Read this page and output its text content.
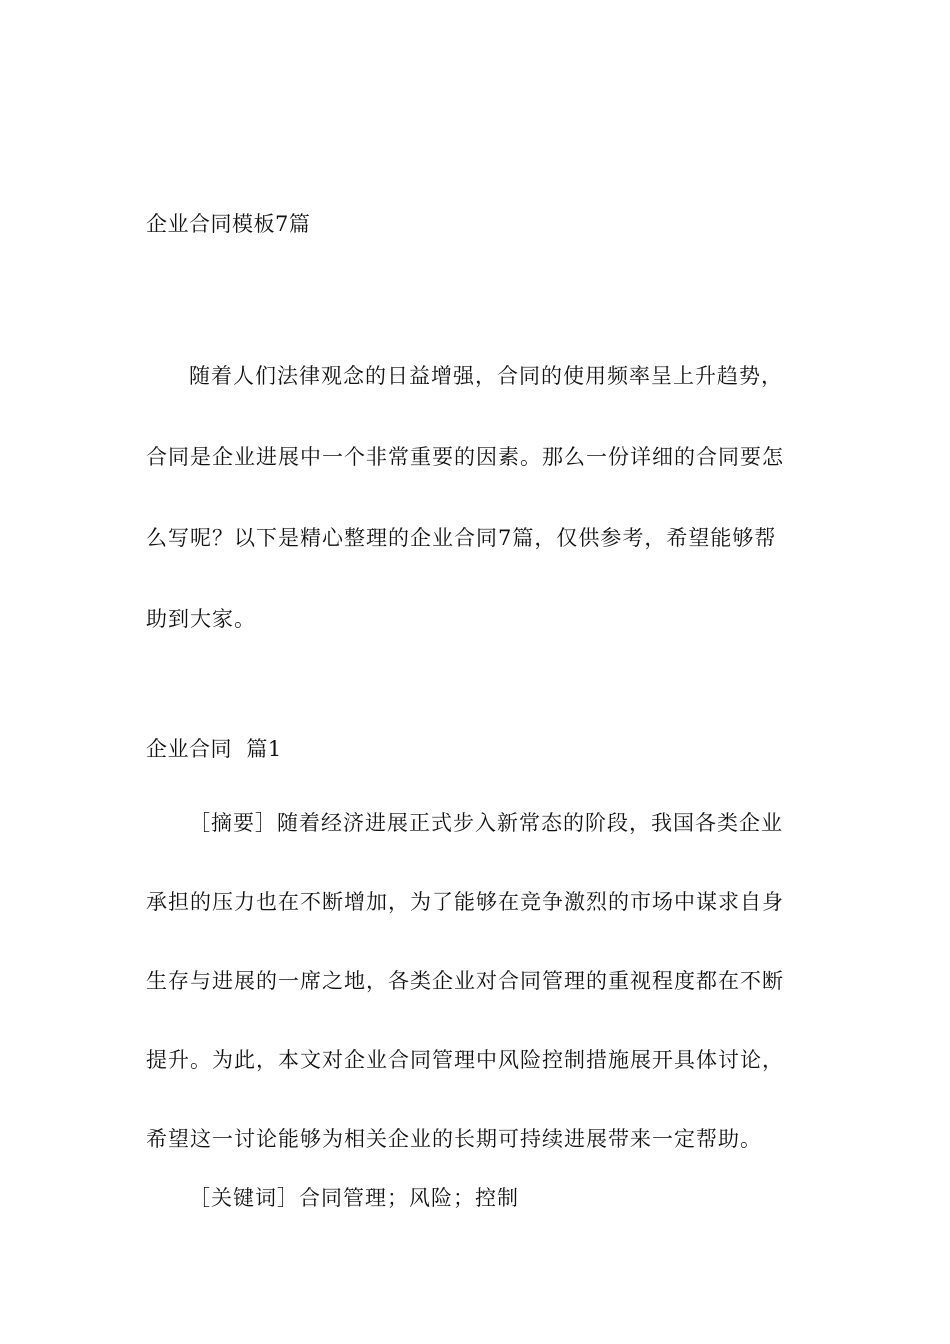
企业合同模板7篇
随着人们法律观念的日益增强，合同的使用频率呈上升趋势，
合同是企业进展中一个非常重要的因素。那么一份详细的合同要怎
么写呢？以下是精心整理的企业合同7篇，仅供参考，希望能够帮
助到大家。
企业合同  篇1
［摘要］随着经济进展正式步入新常态的阶段，我国各类企业
承担的压力也在不断增加，为了能够在竞争激烈的市场中谋求自身
生存与进展的一席之地，各类企业对合同管理的重视程度都在不断
提升。为此，本文对企业合同管理中风险控制措施展开具体讨论，
希望这一讨论能够为相关企业的长期可持续进展带来一定帮助。
［关键词］合同管理；风险；控制
